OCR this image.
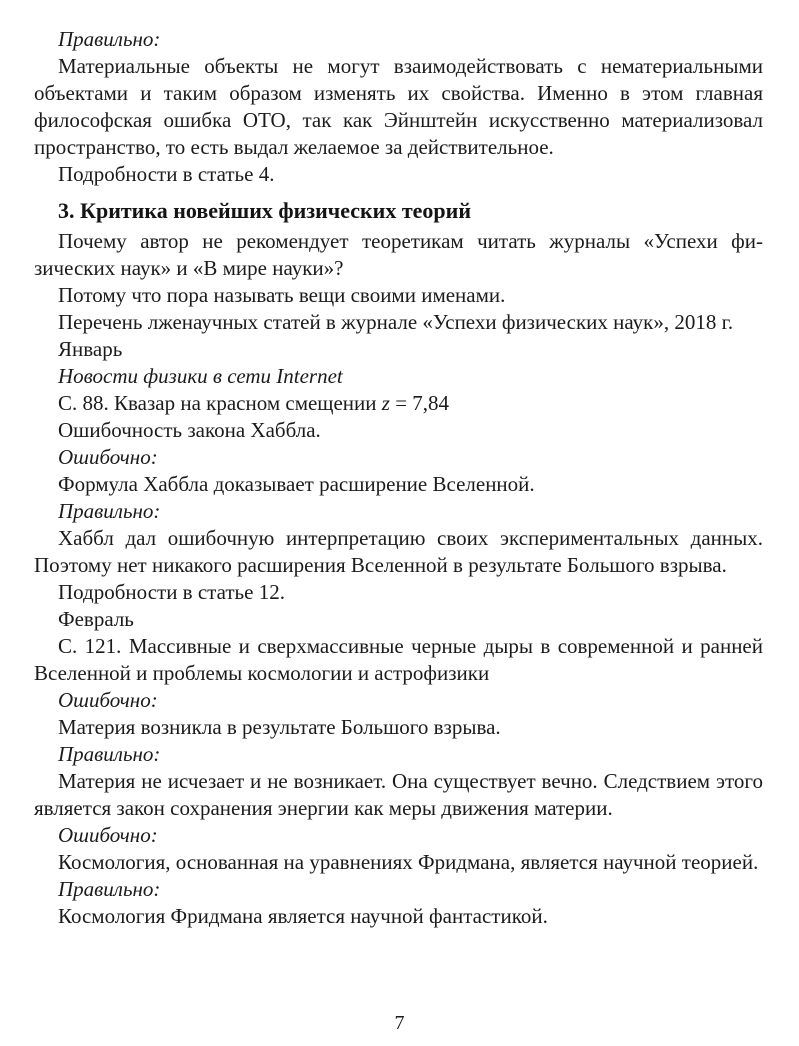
Правильно:

Материальные объекты не могут взаимодействовать с нематериальными объектами и таким образом изменять их свойства. Именно в этом главная философская ошибка ОТО, так как Эйнштейн искусственно материализовал пространство, то есть выдал желаемое за действительное.

Подробности в статье 4.

3. Критика новейших физических теорий

Почему автор не рекомендует теоретикам читать журналы «Успехи физических наук» и «В мире науки»?

Потому что пора называть вещи своими именами.

Перечень лженаучных статей в журнале «Успехи физических наук», 2018 г.

Январь

Новости физики в сети Internet

С. 88. Квазар на красном смещении z = 7,84

Ошибочность закона Хаббла.

Ошибочно:

Формула Хаббла доказывает расширение Вселенной.

Правильно:

Хаббл дал ошибочную интерпретацию своих экспериментальных данных. Поэтому нет никакого расширения Вселенной в результате Большого взрыва.

Подробности в статье 12.

Февраль

С. 121. Массивные и сверхмассивные черные дыры в современной и ранней Вселенной и проблемы космологии и астрофизики

Ошибочно:

Материя возникла в результате Большого взрыва.

Правильно:

Материя не исчезает и не возникает. Она существует вечно. Следствием этого является закон сохранения энергии как меры движения материи.

Ошибочно:

Космология, основанная на уравнениях Фридмана, является научной теорией.

Правильно:

Космология Фридмана является научной фантастикой.

7
